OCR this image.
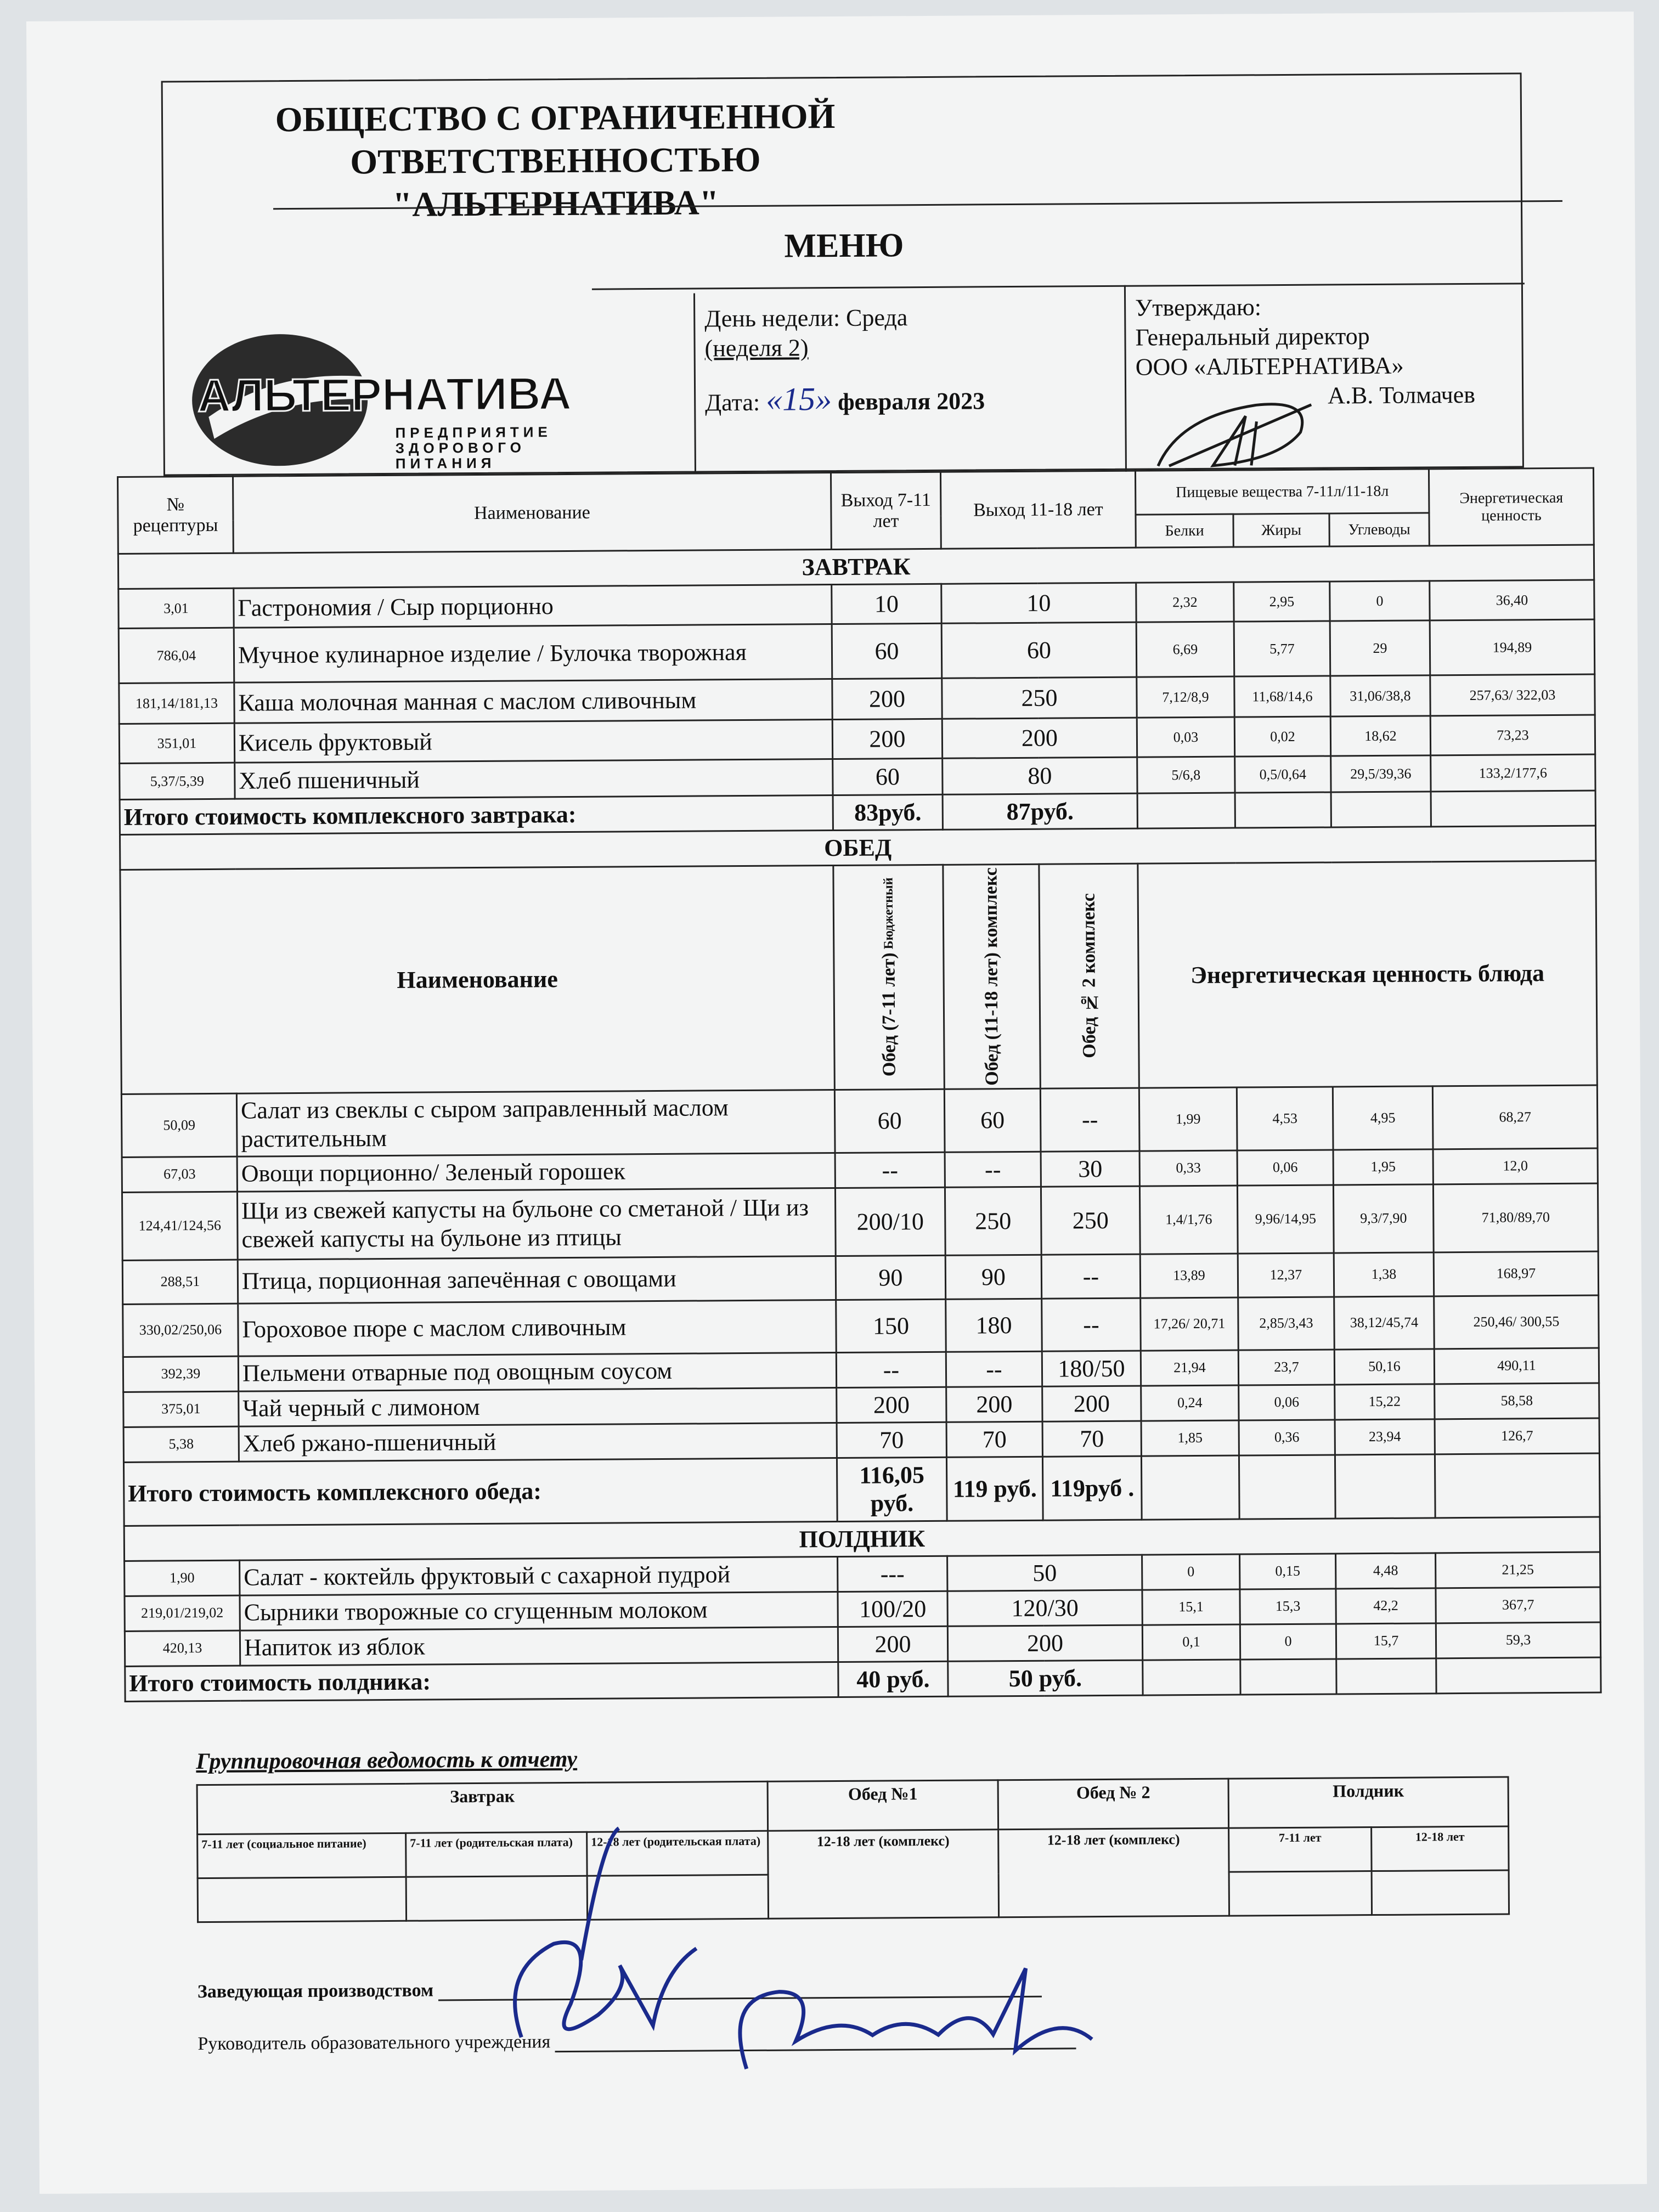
ОБЩЕСТВО С ОГРАНИЧЕННОЙ ОТВЕТСТВЕННОСТЬЮ
"АЛЬТЕРНАТИВА"
МЕНЮ
АЛЬТЕРНАТИВА
ПРЕДПРИЯТИЕ
ЗДОРОВОГО
ПИТАНИЯ
День недели: Среда
(неделя 2)
Дата: «15» февраля 2023
Утверждаю:
Генеральный директор
ООО «АЛЬТЕРНАТИВА»
А.В. Толмачев
№ рецептуры	Наименование	Выход 7-11 лет	Выход 11-18 лет		Пищевые вещества 7-11л/11-18л			Энергетическая ценность
					Белки	Жиры	Углеводы	
ЗАВТРАК								
3,01	Гастрономия / Сыр порционно	10	10		2,32	2,95	0	36,40
786,04	Мучное кулинарное изделие / Булочка творожная	60	60		6,69	5,77	29	194,89
181,14/181,13	Каша молочная манная с маслом сливочным	200	250		7,12/8,9	11,68/14,6	31,06/38,8	257,63/ 322,03
351,01	Кисель фруктовый	200	200		0,03	0,02	18,62	73,23
5,37/5,39	Хлеб пшеничный	60	80		5/6,8	0,5/0,64	29,5/39,36	133,2/177,6
Итого стоимость комплексного завтрака:		83руб.	87руб.					
ОБЕД								
Наименование		Обед (7-11 лет) Бюджетный	Обед (11-18 лет) комплекс	Обед № 2 комплекс	Энергетическая ценность блюда			
50,09	Салат из свеклы с сыром заправленный маслом растительным	60	60	--	1,99	4,53	4,95	68,27
67,03	Овощи порционно/ Зеленый горошек	--	--	30	0,33	0,06	1,95	12,0
124,41/124,56	Щи из свежей капусты на бульоне со сметаной / Щи из свежей капусты на бульоне из птицы	200/10	250	250	1,4/1,76	9,96/14,95	9,3/7,90	71,80/89,70
288,51	Птица, порционная запечённая с овощами	90	90	--	13,89	12,37	1,38	168,97
330,02/250,06	Гороховое пюре с маслом сливочным	150	180	--	17,26/ 20,71	2,85/3,43	38,12/45,74	250,46/ 300,55
392,39	Пельмени отварные под овощным соусом	--	--	180/50	21,94	23,7	50,16	490,11
375,01	Чай черный с лимоном	200	200	200	0,24	0,06	15,22	58,58
5,38	Хлеб ржано-пшеничный	70	70	70	1,85	0,36	23,94	126,7
Итого стоимость комплексного обеда:		116,05 руб.	119 руб.	119руб .				
ПОЛДНИК								
1,90	Салат - коктейль фруктовый с сахарной пудрой	---	50		0	0,15	4,48	21,25
219,01/219,02	Сырники творожные со сгущенным молоком	100/20	120/30		15,1	15,3	42,2	367,7
420,13	Напиток из яблок	200	200		0,1	0	15,7	59,3
Итого стоимость полдника:		40 руб.	50 руб.					
Группировочная ведомость к отчету
Завтрак			Обед №1	Обед № 2	Полдник	
7-11 лет (социальное питание)	7-11 лет (родительская плата)	12-18 лет (родительская плата)	12-18 лет (комплекс)	12-18 лет (комплекс)	7-11 лет	12-18 лет

Заведующая производством
Руководитель образовательного учреждения
